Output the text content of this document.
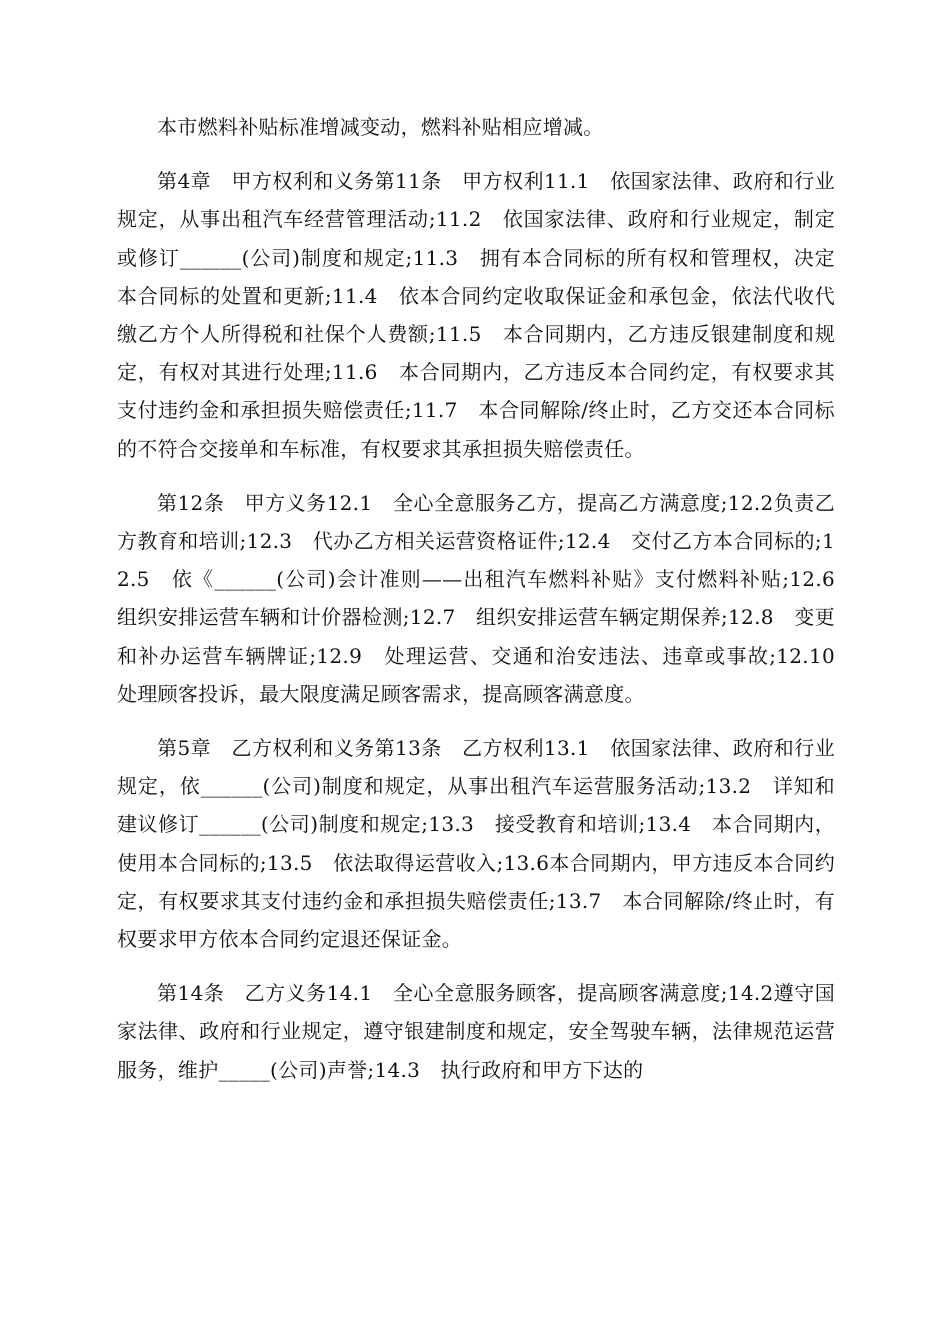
本市燃料补贴标准增减变动，燃料补贴相应增减。

第4章　甲方权利和义务第11条　甲方权利11.1　依国家法律、政府和行业规定，从事出租汽车经营管理活动;11.2　依国家法律、政府和行业规定，制定或修订______(公司)制度和规定;11.3　拥有本合同标的所有权和管理权，决定本合同标的处置和更新;11.4　依本合同约定收取保证金和承包金，依法代收代缴乙方个人所得税和社保个人费额;11.5　本合同期内，乙方违反银建制度和规定，有权对其进行处理;11.6　本合同期内，乙方违反本合同约定，有权要求其支付违约金和承担损失赔偿责任;11.7　本合同解除/终止时，乙方交还本合同标的不符合交接单和车标准，有权要求其承担损失赔偿责任。

第12条　甲方义务12.1　全心全意服务乙方，提高乙方满意度;12.2负责乙方教育和培训;12.3　代办乙方相关运营资格证件;12.4　交付乙方本合同标的;12.5　依《______(公司)会计准则——出租汽车燃料补贴》支付燃料补贴;12.6　组织安排运营车辆和计价器检测;12.7　组织安排运营车辆定期保养;12.8　变更和补办运营车辆牌证;12.9　处理运营、交通和治安违法、违章或事故;12.10　处理顾客投诉，最大限度满足顾客需求，提高顾客满意度。

第5章　乙方权利和义务第13条　乙方权利13.1　依国家法律、政府和行业规定，依______(公司)制度和规定，从事出租汽车运营服务活动;13.2　详知和建议修订______(公司)制度和规定;13.3　接受教育和培训;13.4　本合同期内，使用本合同标的;13.5　依法取得运营收入;13.6本合同期内，甲方违反本合同约定，有权要求其支付违约金和承担损失赔偿责任;13.7　本合同解除/终止时，有权要求甲方依本合同约定退还保证金。

第14条　乙方义务14.1　全心全意服务顾客，提高顾客满意度;14.2遵守国家法律、政府和行业规定，遵守银建制度和规定，安全驾驶车辆，法律规范运营服务，维护_____(公司)声誉;14.3　执行政府和甲方下达的
